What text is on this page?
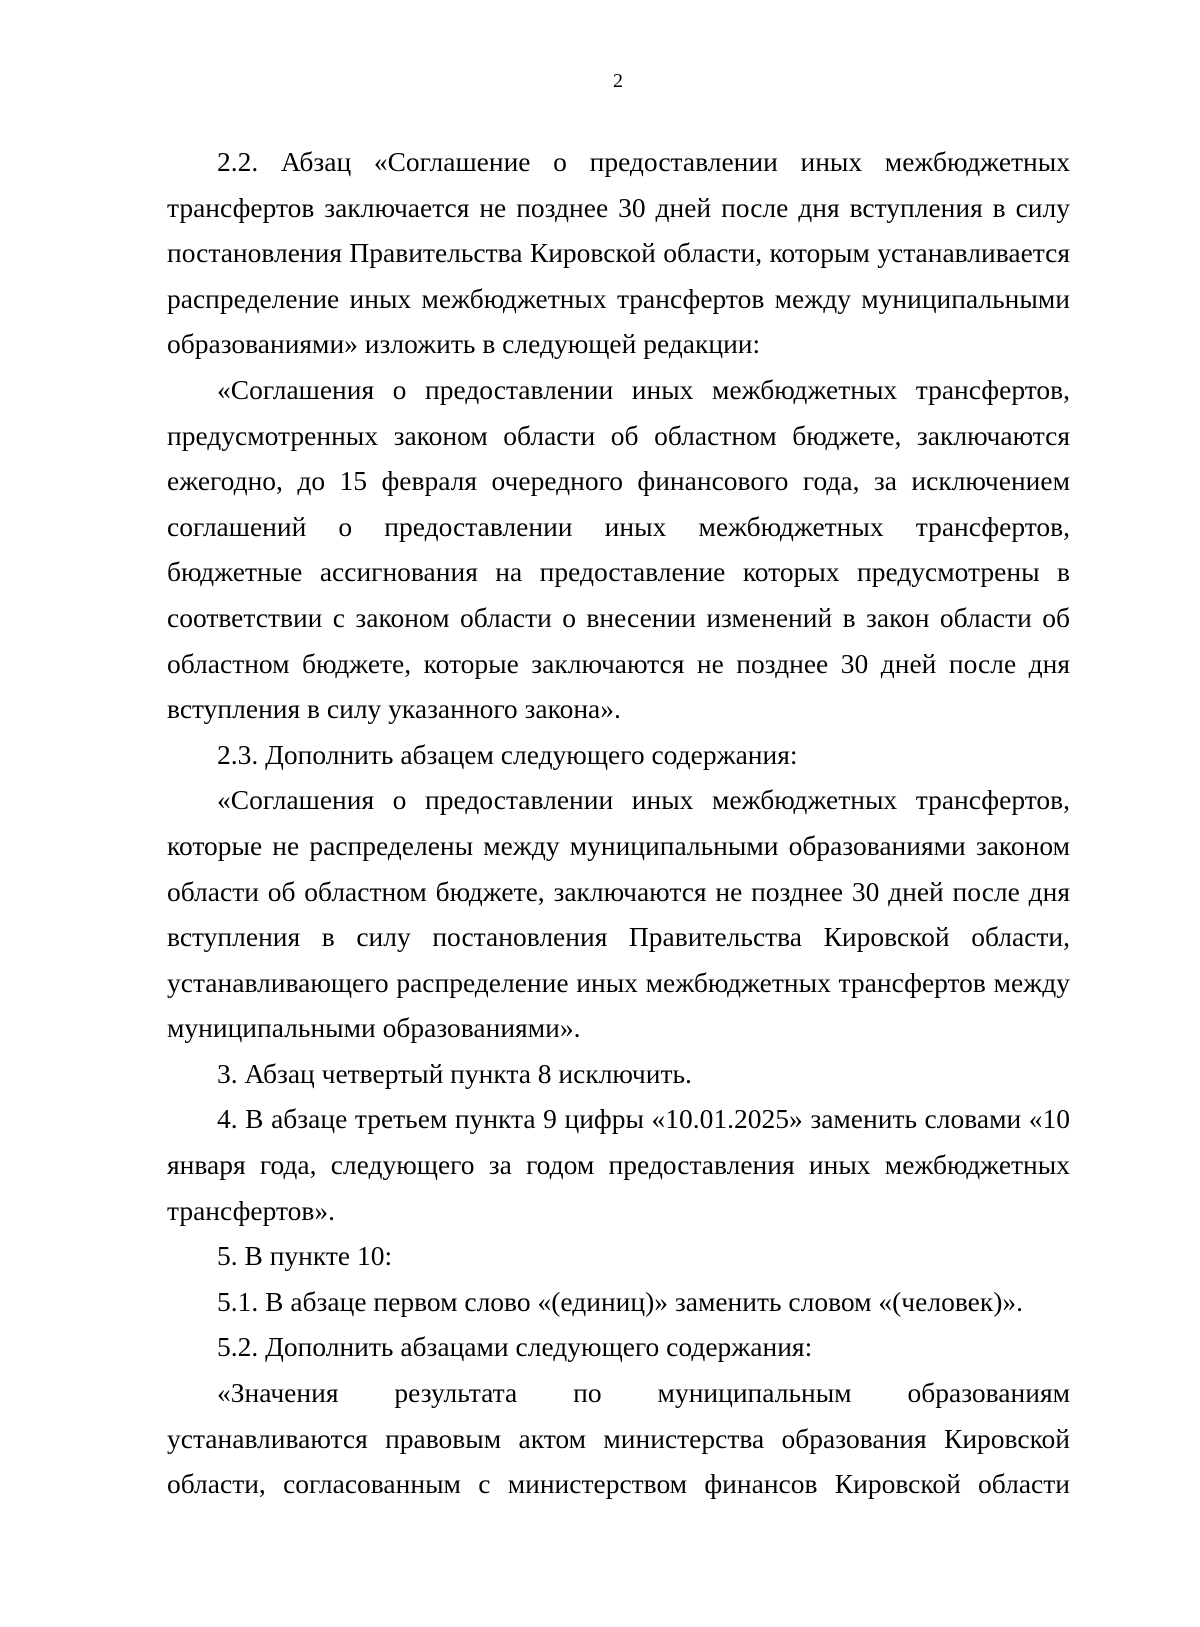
2

2.2. Абзац «Соглашение о предоставлении иных межбюджетных трансфертов заключается не позднее 30 дней после дня вступления в силу постановления Правительства Кировской области, которым устанавливается распределение иных межбюджетных трансфертов между муниципальными образованиями» изложить в следующей редакции:

«Соглашения о предоставлении иных межбюджетных трансфертов, предусмотренных законом области об областном бюджете, заключаются ежегодно, до 15 февраля очередного финансового года, за исключением соглашений о предоставлении иных межбюджетных трансфертов, бюджетные ассигнования на предоставление которых предусмотрены в соответствии с законом области о внесении изменений в закон области об областном бюджете, которые заключаются не позднее 30 дней после дня вступления в силу указанного закона».

2.3. Дополнить абзацем следующего содержания:

«Соглашения о предоставлении иных межбюджетных трансфертов, которые не распределены между муниципальными образованиями законом области об областном бюджете, заключаются не позднее 30 дней после дня вступления в силу постановления Правительства Кировской области, устанавливающего распределение иных межбюджетных трансфертов между муниципальными образованиями».

3. Абзац четвертый пункта 8 исключить.

4. В абзаце третьем пункта 9 цифры «10.01.2025» заменить словами «10 января года, следующего за годом предоставления иных межбюджетных трансфертов».

5. В пункте 10:

5.1. В абзаце первом слово «(единиц)» заменить словом «(человек)».

5.2. Дополнить абзацами следующего содержания:

«Значения результата по муниципальным образованиям устанавливаются правовым актом министерства образования Кировской области, согласованным с министерством финансов Кировской области
